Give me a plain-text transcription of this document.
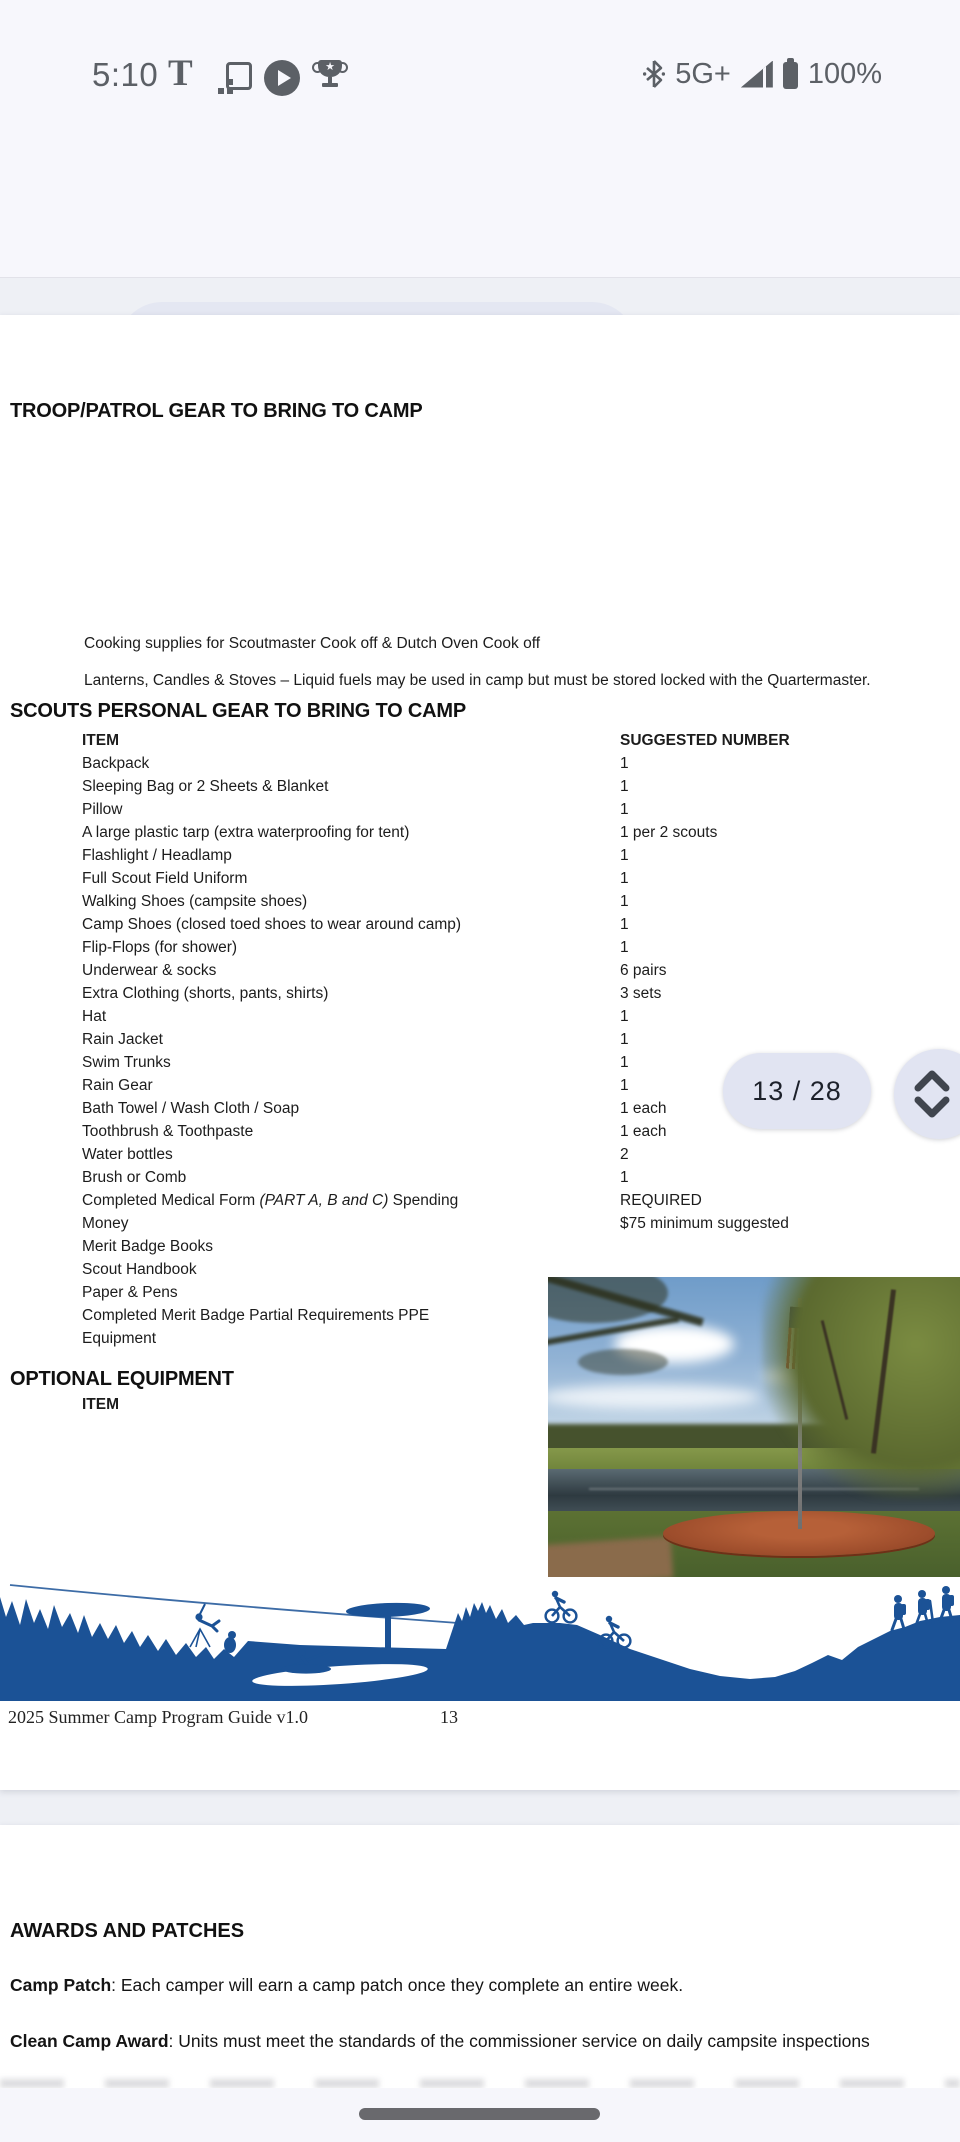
5:10 T	★	5G+	100%
TROOP/PATROL GEAR TO BRING TO CAMP
Cooking supplies for Scoutmaster Cook off & Dutch Oven Cook off
Lanterns, Candles & Stoves – Liquid fuels may be used in camp but must be stored locked with the Quartermaster.
SCOUTS PERSONAL GEAR TO BRING TO CAMP
ITEM	SUGGESTED NUMBER
Backpack	1
Sleeping Bag or 2 Sheets & Blanket	1
Pillow	1
A large plastic tarp (extra waterproofing for tent)	1 per 2 scouts
Flashlight / Headlamp	1
Full Scout Field Uniform	1
Walking Shoes (campsite shoes)	1
Camp Shoes (closed toed shoes to wear around camp)	1
Flip-Flops (for shower)	1
Underwear & socks	6 pairs
Extra Clothing (shorts, pants, shirts)	3 sets
Hat	1
Rain Jacket	1
Swim Trunks	1
Rain Gear	1
Bath Towel / Wash Cloth / Soap	1 each
Toothbrush & Toothpaste	1 each
Water bottles	2
Brush or Comb	1
Completed Medical Form (PART A, B and C) Spending	REQUIRED
Money	$75 minimum suggested
Merit Badge Books
Scout Handbook
Paper & Pens
Completed Merit Badge Partial Requirements PPE
Equipment
OPTIONAL EQUIPMENT
ITEM
2025 Summer Camp Program Guide v1.0	13
13 / 28
AWARDS AND PATCHES
Camp Patch: Each camper will earn a camp patch once they complete an entire week.
Clean Camp Award: Units must meet the standards of the commissioner service on daily campsite inspections
